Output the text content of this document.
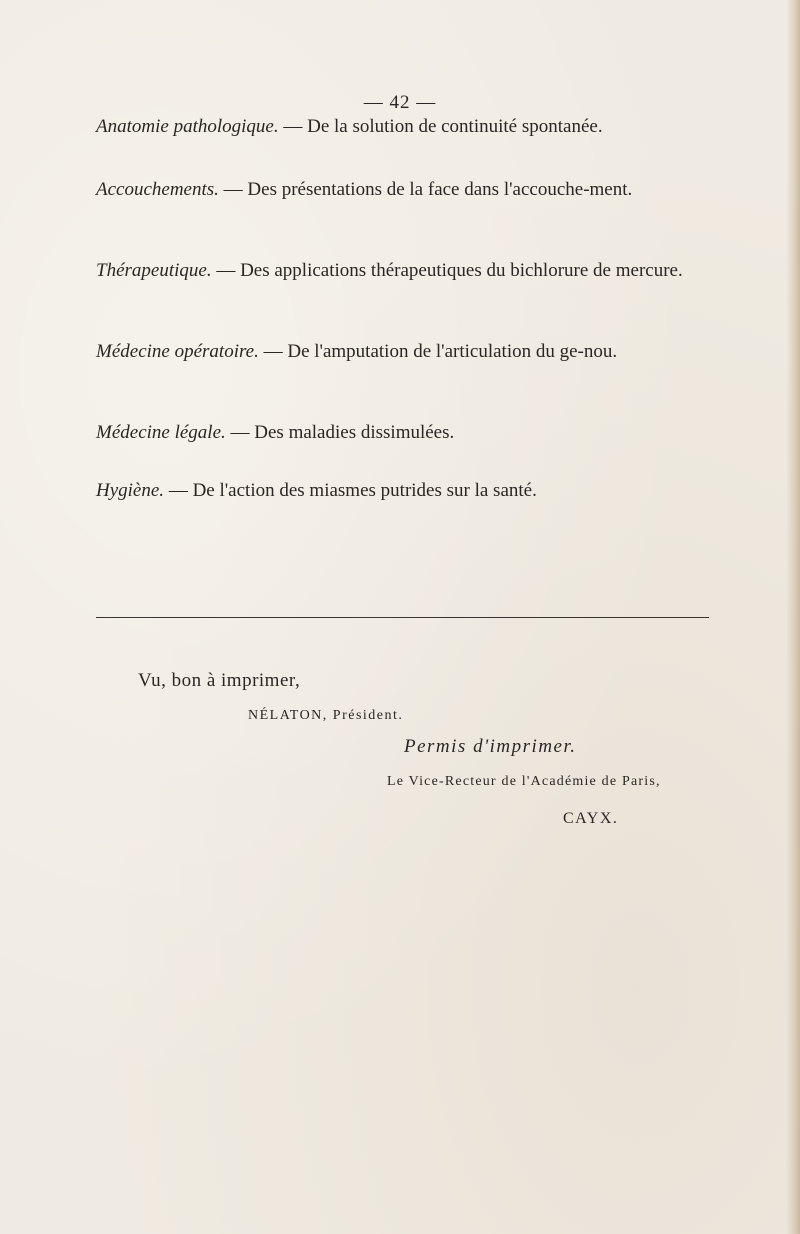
— 42 —
Anatomie pathologique. — De la solution de continuité spontanée.
Accouchements. — Des présentations de la face dans l'accouche-ment.
Thérapeutique. — Des applications thérapeutiques du bichlorure de mercure.
Médecine opératoire. — De l'amputation de l'articulation du ge-nou.
Médecine légale. — Des maladies dissimulées.
Hygiène. — De l'action des miasmes putrides sur la santé.
Vu, bon à imprimer,
NÉLATON, Président.
Permis d'imprimer.
Le Vice-Recteur de l'Académie de Paris,
CAYX.
